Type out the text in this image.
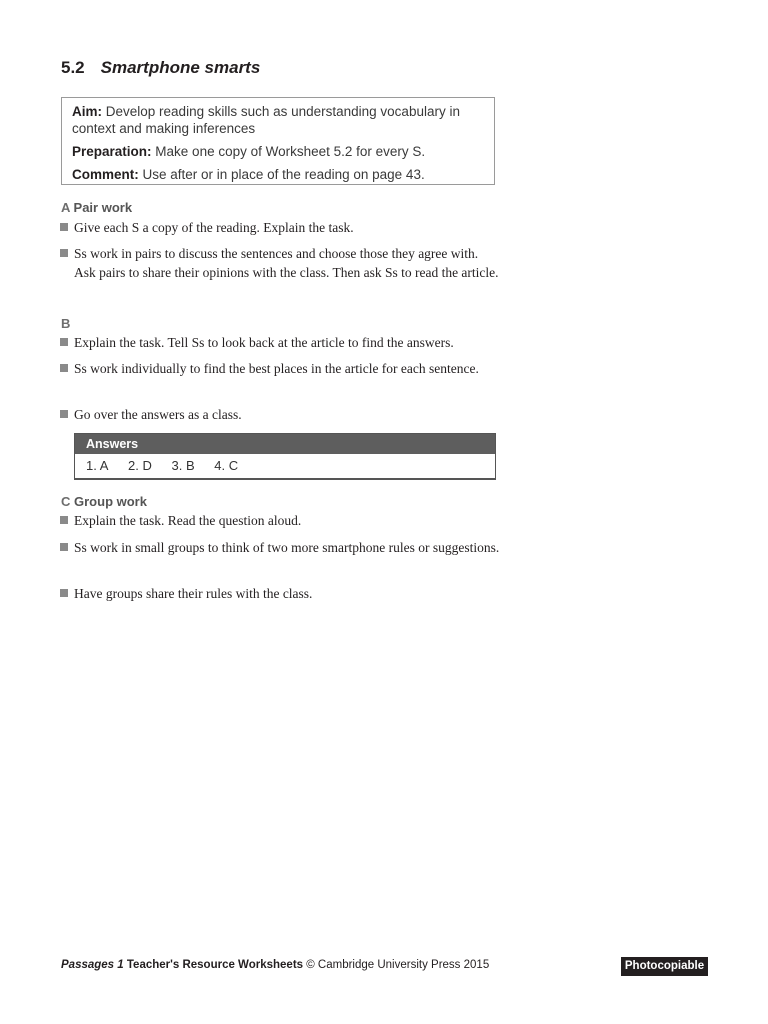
5.2 Smartphone smarts

Aim: Develop reading skills such as understanding vocabulary in context and making inferences

Preparation: Make one copy of Worksheet 5.2 for every S.

Comment: Use after or in place of the reading on page 43.

A Pair work
Give each S a copy of the reading. Explain the task.
Ss work in pairs to discuss the sentences and choose those they agree with. Ask pairs to share their opinions with the class. Then ask Ss to read the article.
B
Explain the task. Tell Ss to look back at the article to find the answers.
Ss work individually to find the best places in the article for each sentence.
Go over the answers as a class.
Answers
1. A 2. D 3. B 4. C
C Group work
Explain the task. Read the question aloud.
Ss work in small groups to think of two more smartphone rules or suggestions.
Have groups share their rules with the class.
Passages 1 Teacher's Resource Worksheets © Cambridge University Press 2015	Photocopiable
